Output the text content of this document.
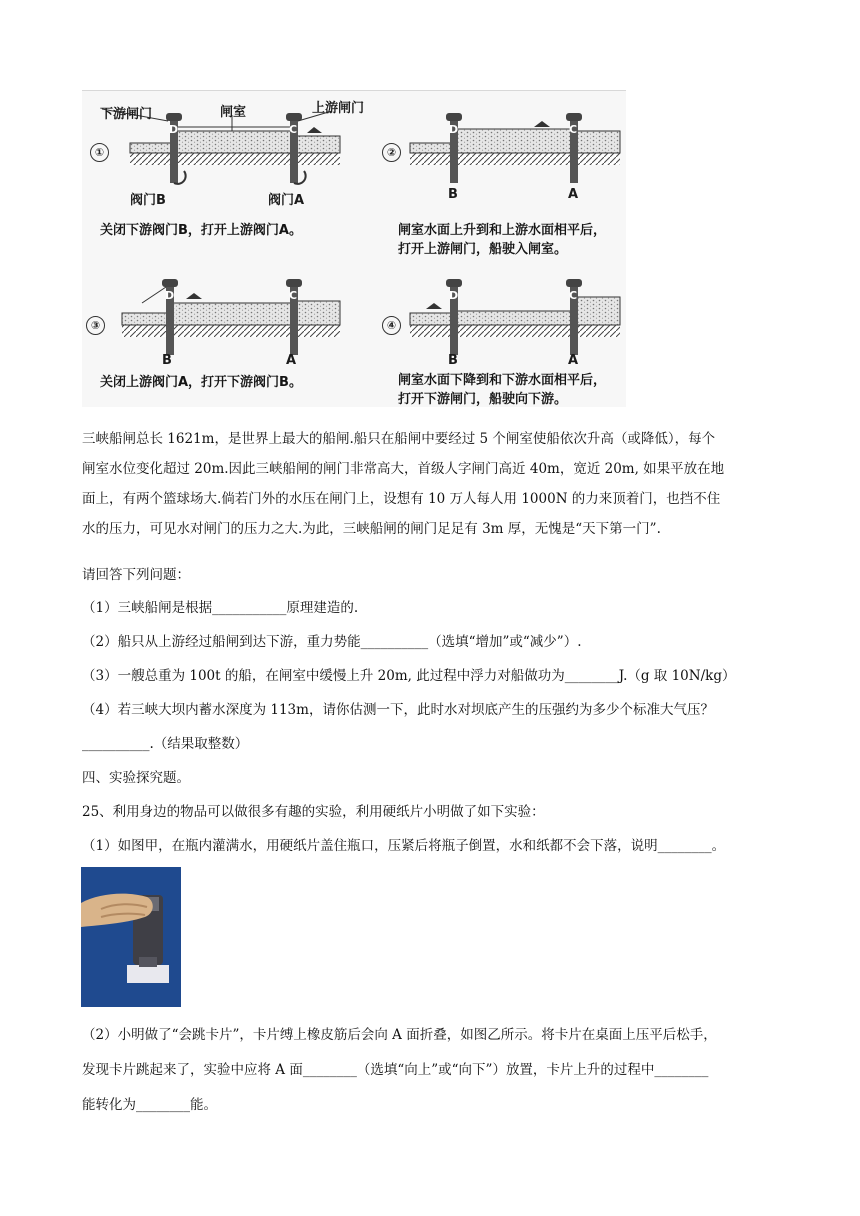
下游闸门	闸室	上游闸门
①	②
③	④
D	C
阀门B	阀门A
D	C
B	A
D	C
B	A
D	C
B	A
关闭下游阀门B，打开上游阀门A。	闸室水面上升到和上游水面相平后，
打开上游闸门，船驶入闸室。
关闭上游阀门A，打开下游阀门B。	闸室水面下降到和下游水面相平后，
打开下游闸门，船驶向下游。
三峡船闸总长 1621m，是世界上最大的船闸.船只在船闸中要经过 5 个闸室使船依次升高（或降低），每个
闸室水位变化超过 20m.因此三峡船闸的闸门非常高大，首级人字闸门高近 40m，宽近 20m, 如果平放在地
面上，有两个篮球场大.倘若门外的水压在闸门上，设想有 10 万人每人用 1000N 的力来顶着门，也挡不住
水的压力，可见水对闸门的压力之大.为此，三峡船闸的闸门足足有 3m 厚，无愧是“天下第一门”.
请回答下列问题：
（1）三峡船闸是根据___________原理建造的.
（2）船只从上游经过船闸到达下游，重力势能__________（选填“增加”或“减少”）.
（3）一艘总重为 100t 的船，在闸室中缓慢上升 20m, 此过程中浮力对船做功为________J.（g 取 10N/kg）
（4）若三峡大坝内蓄水深度为 113m，请你估测一下，此时水对坝底产生的压强约为多少个标准大气压？
__________.（结果取整数）
四、实验探究题。
25、利用身边的物品可以做很多有趣的实验，利用硬纸片小明做了如下实验：
（1）如图甲，在瓶内灌满水，用硬纸片盖住瓶口，压紧后将瓶子倒置，水和纸都不会下落，说明________。
（2）小明做了“会跳卡片”，卡片缚上橡皮筋后会向 A 面折叠，如图乙所示。将卡片在桌面上压平后松手，
发现卡片跳起来了，实验中应将 A 面________（选填“向上”或“向下”）放置，卡片上升的过程中________
能转化为________能。
